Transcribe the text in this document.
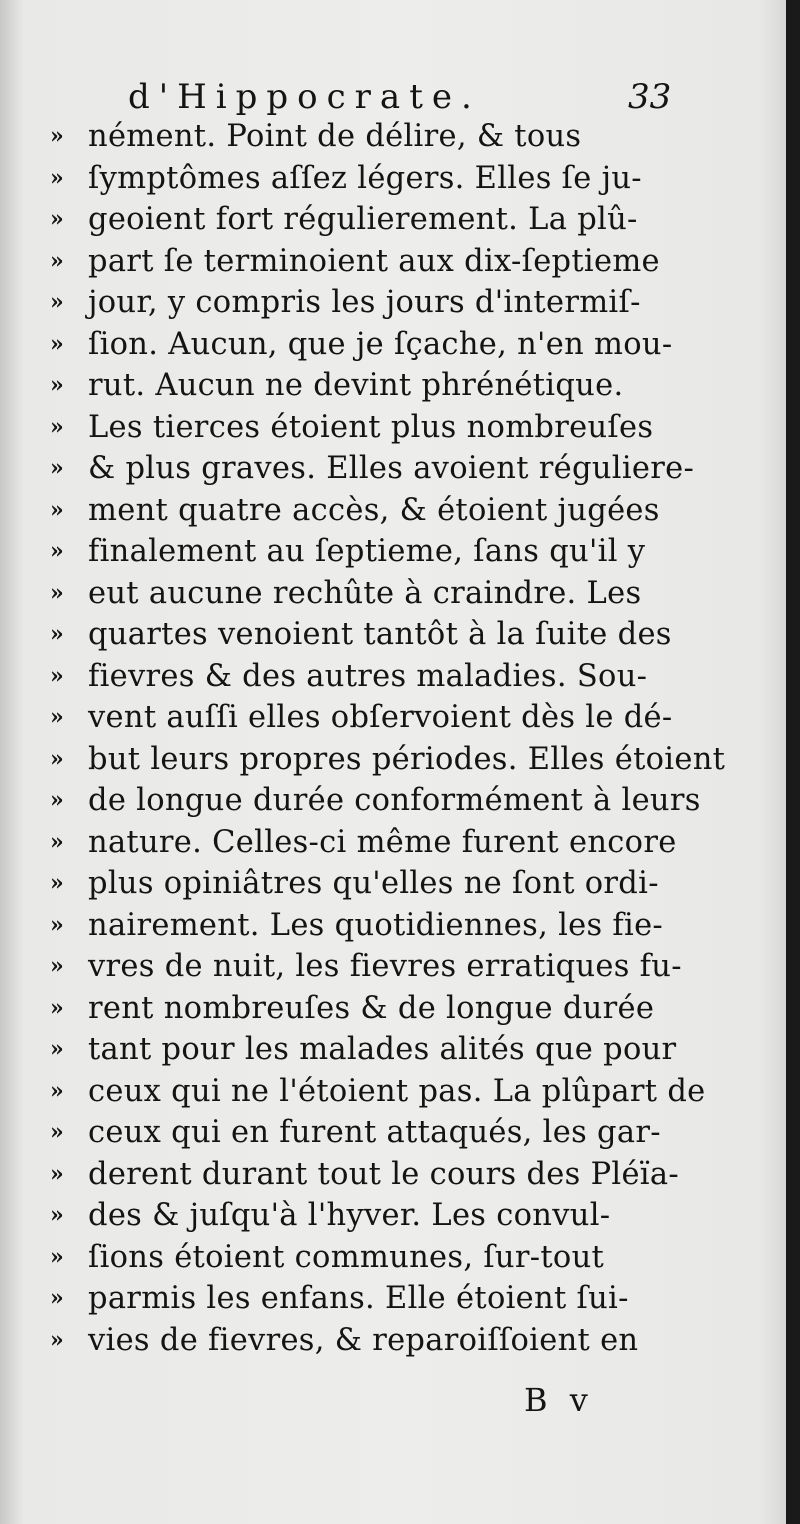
d'Hippocrate.	33
» nément. Point de délire, & tous
» ſymptômes aſſez légers. Elles ſe ju-
» geoient fort régulierement. La plû-
» part ſe terminoient aux dix-ſeptieme
» jour, y compris les jours d'intermiſ-
» ſion. Aucun, que je ſçache, n'en mou-
» rut. Aucun ne devint phrénétique.
» Les tierces étoient plus nombreuſes
» & plus graves. Elles avoient réguliere-
» ment quatre accès, & étoient jugées
» finalement au ſeptieme, ſans qu'il y
» eut aucune rechûte à craindre. Les
» quartes venoient tantôt à la ſuite des
» fievres & des autres maladies. Sou-
» vent auſſi elles obſervoient dès le dé-
» but leurs propres périodes. Elles étoient
» de longue durée conformément à leurs
» nature. Celles-ci même furent encore
» plus opiniâtres qu'elles ne ſont ordi-
» nairement. Les quotidiennes, les fie-
» vres de nuit, les fievres erratiques fu-
» rent nombreuſes & de longue durée
» tant pour les malades alités que pour
» ceux qui ne l'étoient pas. La plûpart de
» ceux qui en furent attaqués, les gar-
» derent durant tout le cours des Pléïa-
» des & juſqu'à l'hyver. Les convul-
» ſions étoient communes, ſur-tout
» parmis les enfans. Elle étoient ſui-
» vies de fievres, & reparoiſſoient en
B v
